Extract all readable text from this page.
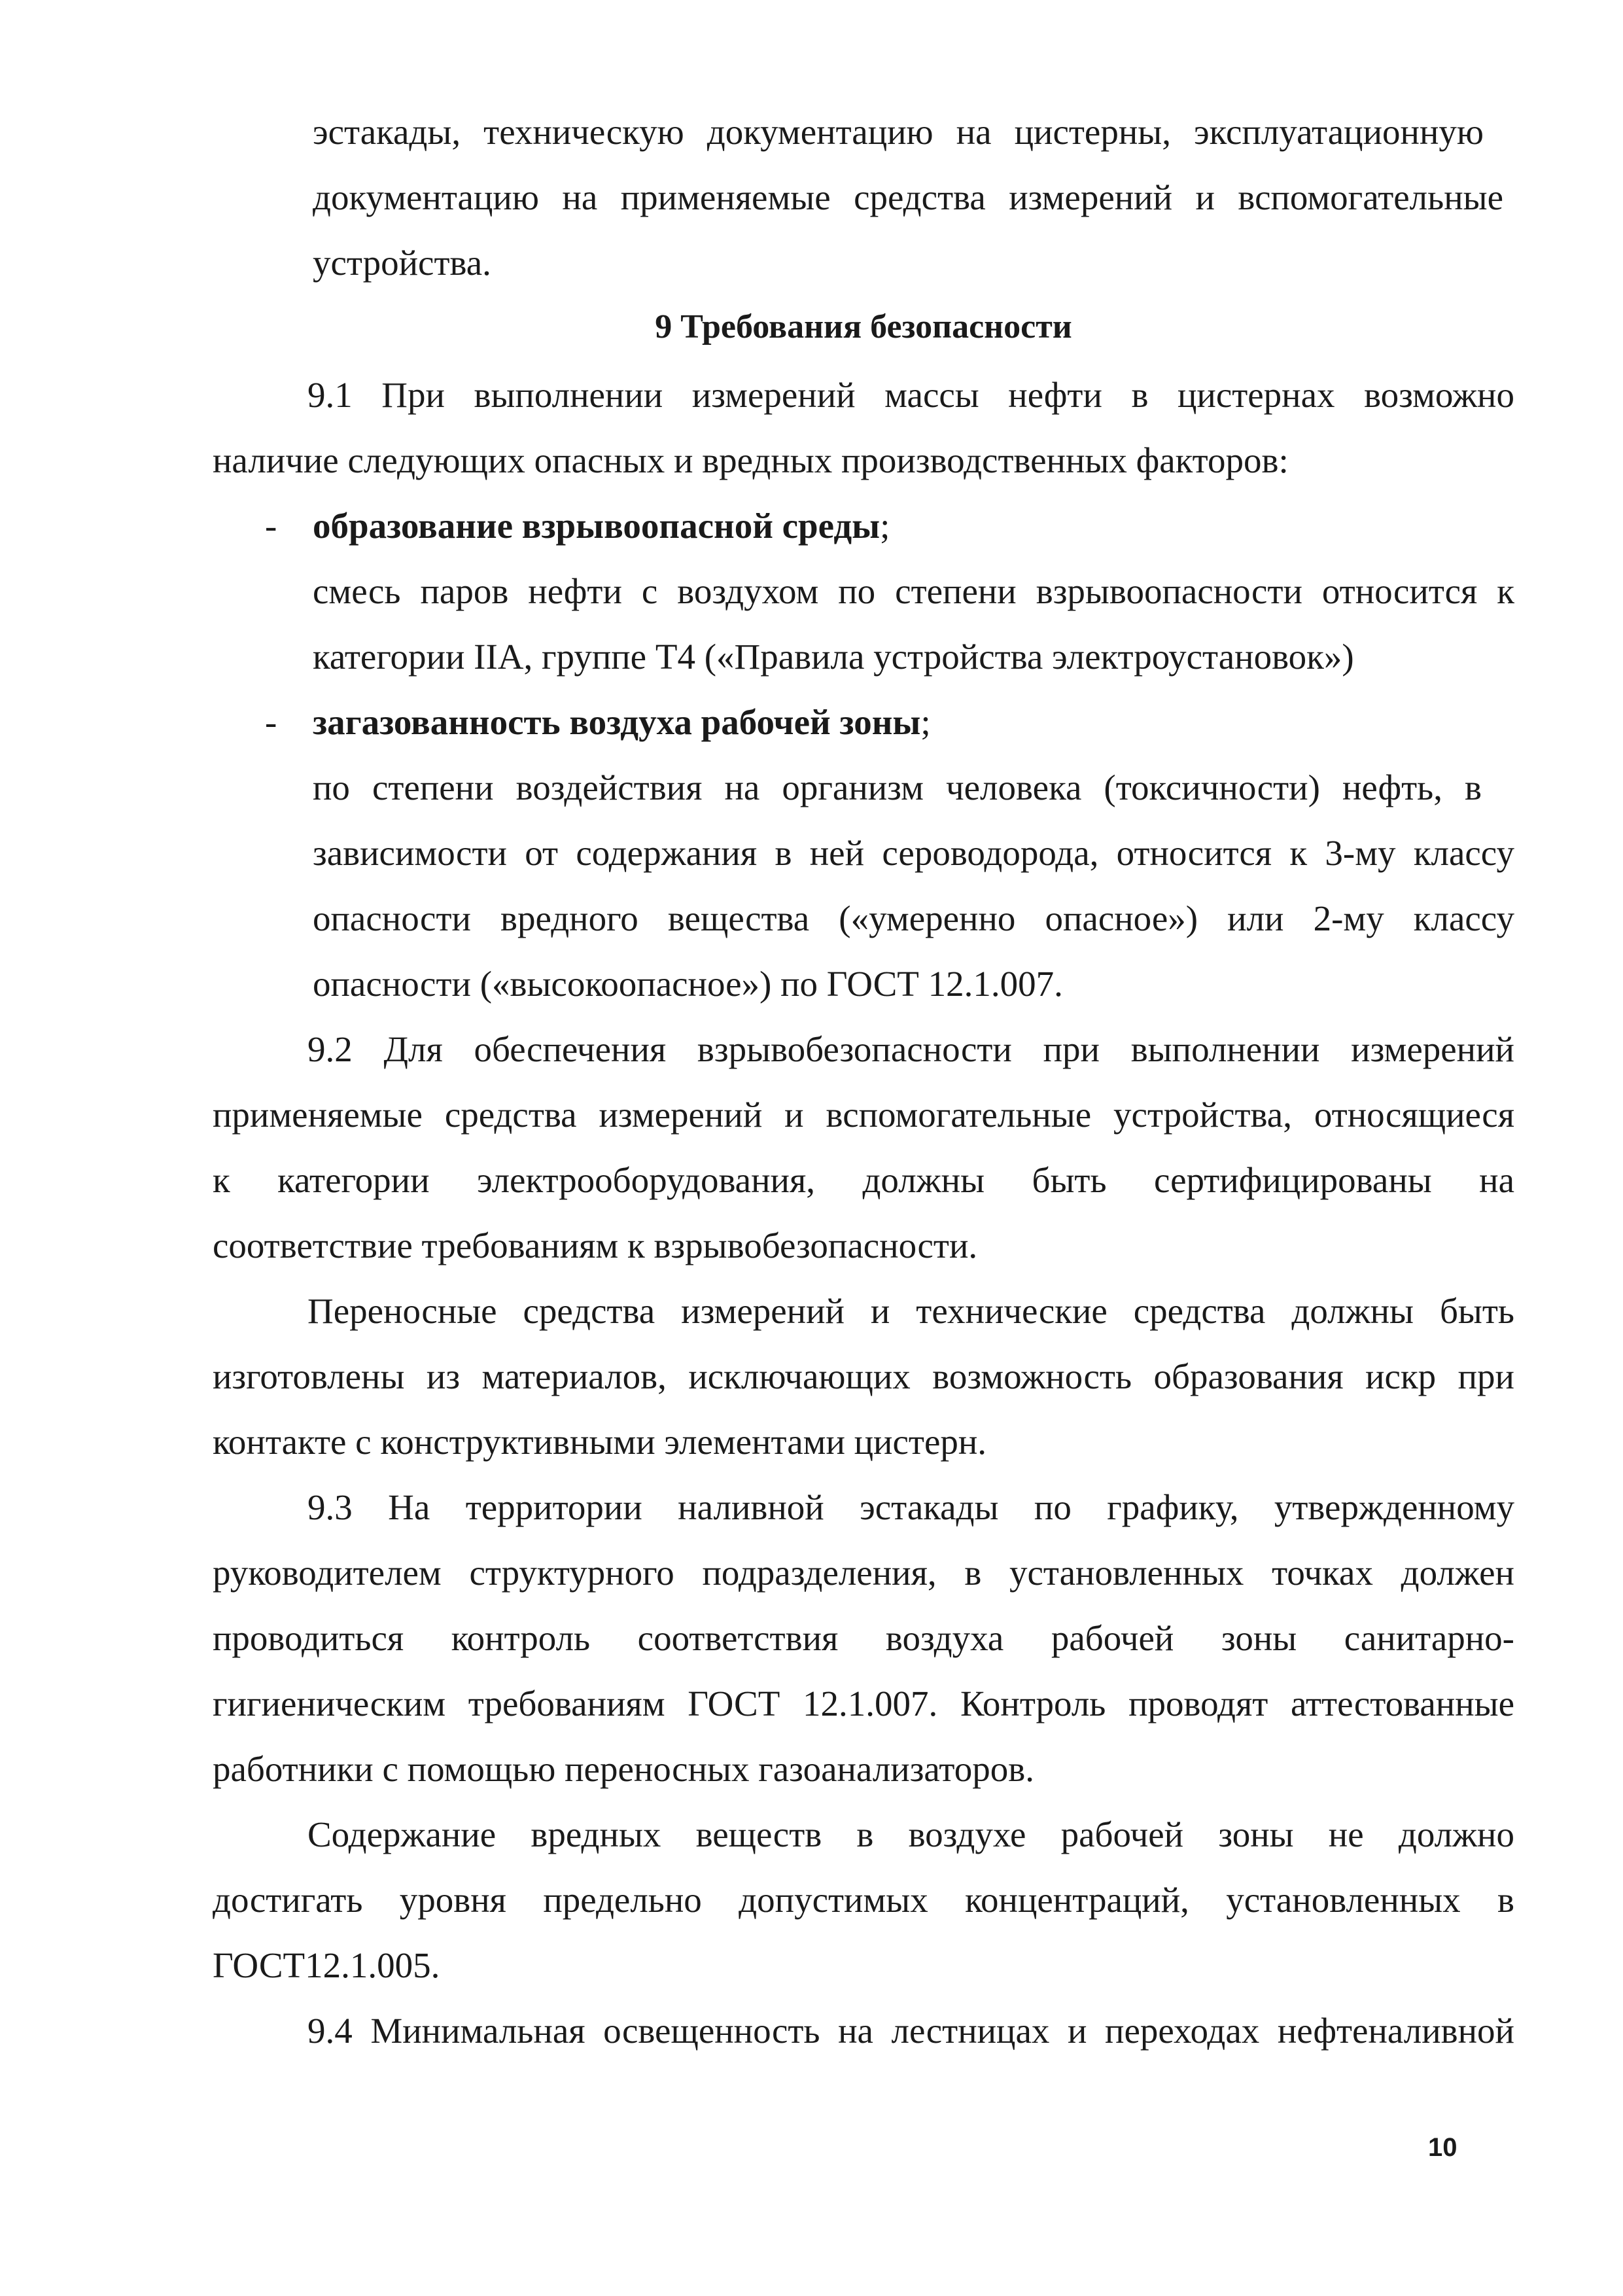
эстакады, техническую документацию на цистерны, эксплуатационную
документацию на применяемые средства измерений и вспомогательные
устройства.
9 Требования безопасности
9.1 При выполнении измерений массы нефти в цистернах возможно
наличие следующих опасных и вредных производственных факторов:
- образование взрывоопасной среды;
смесь паров нефти с воздухом по степени взрывоопасности относится к
категории IIA, группе Т4 («Правила устройства электроустановок»)
- загазованность воздуха рабочей зоны;
по степени воздействия на организм человека (токсичности) нефть, в
зависимости от содержания в ней сероводорода, относится к 3-му классу
опасности вредного вещества («умеренно опасное») или 2-му классу
опасности («высокоопасное») по ГОСТ 12.1.007.
9.2 Для обеспечения взрывобезопасности при выполнении измерений
применяемые средства измерений и вспомогательные устройства, относящиеся
к категории электрооборудования, должны быть сертифицированы на
соответствие требованиям к взрывобезопасности.
Переносные средства измерений и технические средства должны быть
изготовлены из материалов, исключающих возможность образования искр при
контакте с конструктивными элементами цистерн.
9.3 На территории наливной эстакады по графику, утвержденному
руководителем структурного подразделения, в установленных точках должен
проводиться контроль соответствия воздуха рабочей зоны санитарно-
гигиеническим требованиям ГОСТ 12.1.007. Контроль проводят аттестованные
работники с помощью переносных газоанализаторов.
Содержание вредных веществ в воздухе рабочей зоны не должно
достигать уровня предельно допустимых концентраций, установленных в
ГОСТ12.1.005.
9.4 Минимальная освещенность на лестницах и переходах нефтеналивной
10
